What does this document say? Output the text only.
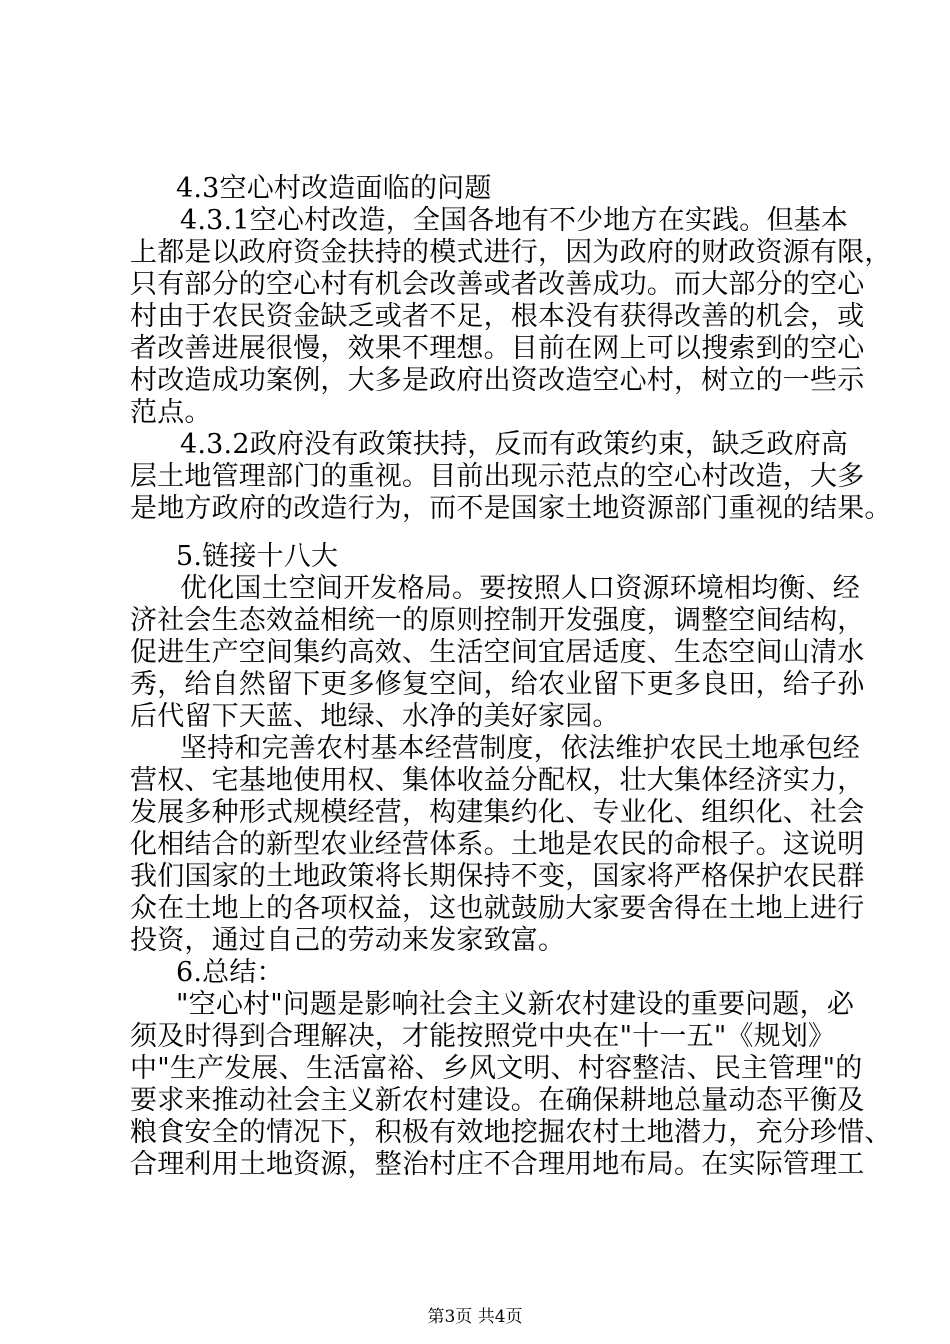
4.3空心村改造面临的问题
4.3.1空心村改造，全国各地有不少地方在实践。但基本
上都是以政府资金扶持的模式进行，因为政府的财政资源有限，
只有部分的空心村有机会改善或者改善成功。而大部分的空心
村由于农民资金缺乏或者不足，根本没有获得改善的机会，或
者改善进展很慢，效果不理想。目前在网上可以搜索到的空心
村改造成功案例，大多是政府出资改造空心村，树立的一些示
范点。
4.3.2政府没有政策扶持，反而有政策约束，缺乏政府高
层土地管理部门的重视。目前出现示范点的空心村改造，大多
是地方政府的改造行为，而不是国家土地资源部门重视的结果。
5.链接十八大
优化国土空间开发格局。要按照人口资源环境相均衡、经
济社会生态效益相统一的原则控制开发强度，调整空间结构，
促进生产空间集约高效、生活空间宜居适度、生态空间山清水
秀，给自然留下更多修复空间，给农业留下更多良田，给子孙
后代留下天蓝、地绿、水净的美好家园。
坚持和完善农村基本经营制度，依法维护农民土地承包经
营权、宅基地使用权、集体收益分配权，壮大集体经济实力，
发展多种形式规模经营，构建集约化、专业化、组织化、社会
化相结合的新型农业经营体系。土地是农民的命根子。这说明
我们国家的土地政策将长期保持不变，国家将严格保护农民群
众在土地上的各项权益，这也就鼓励大家要舍得在土地上进行
投资，通过自己的劳动来发家致富。
6.总结：
"空心村"问题是影响社会主义新农村建设的重要问题，必
须及时得到合理解决，才能按照党中央在"十一五"《规划》
中"生产发展、生活富裕、乡风文明、村容整洁、民主管理"的
要求来推动社会主义新农村建设。在确保耕地总量动态平衡及
粮食安全的情况下，积极有效地挖掘农村土地潜力，充分珍惜、
合理利用土地资源，整治村庄不合理用地布局。在实际管理工
第3页 共4页
